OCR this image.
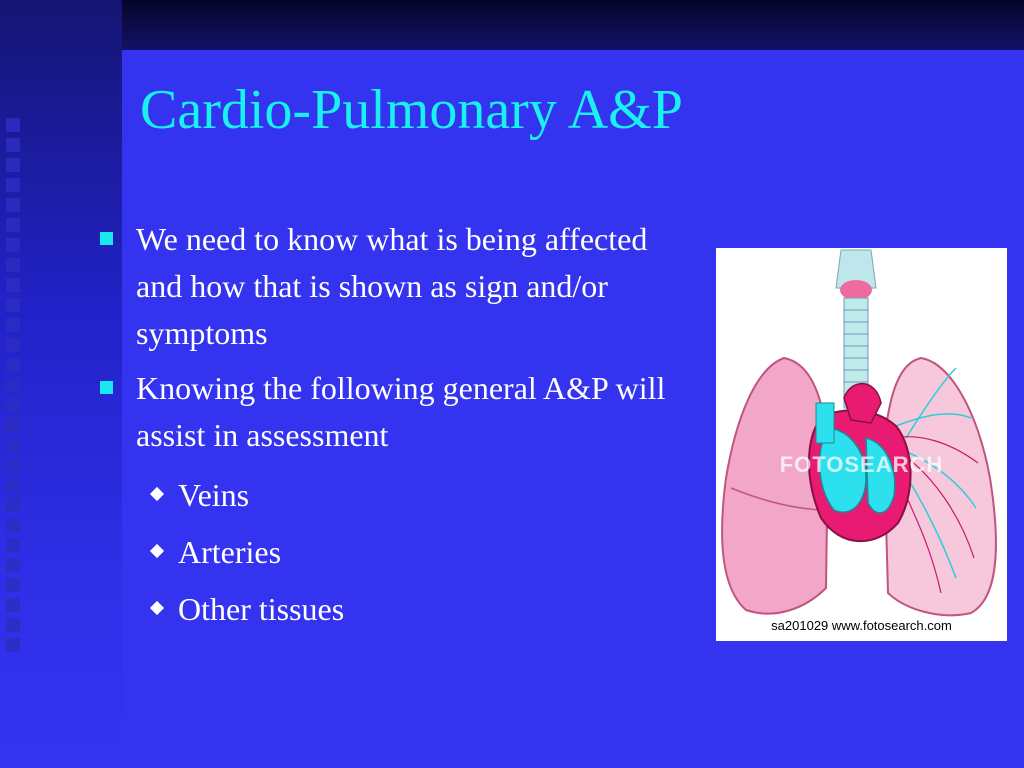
Cardio-Pulmonary A&P
We need to know what is being affected and how that is shown as sign and/or symptoms
Knowing the following general A&P will assist in assessment
Veins
Arteries
Other tissues
FOTOSEARCH
sa201029 www.fotosearch.com
